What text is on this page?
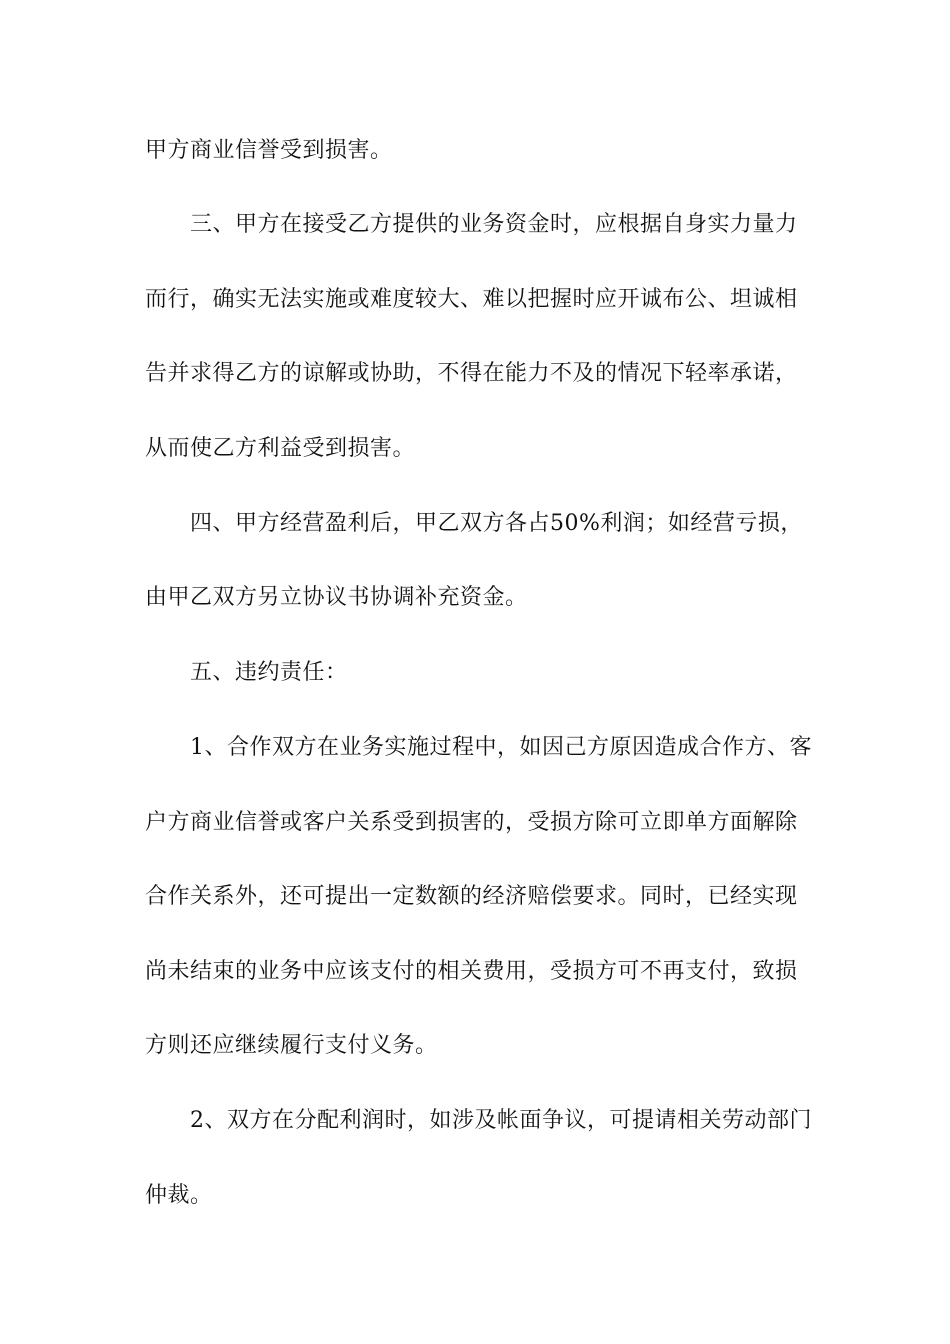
甲方商业信誉受到损害。
三、甲方在接受乙方提供的业务资金时，应根据自身实力量力
而行，确实无法实施或难度较大、难以把握时应开诚布公、坦诚相
告并求得乙方的谅解或协助，不得在能力不及的情况下轻率承诺，
从而使乙方利益受到损害。
四、甲方经营盈利后，甲乙双方各占50%利润；如经营亏损，
由甲乙双方另立协议书协调补充资金。
五、违约责任：
1、合作双方在业务实施过程中，如因己方原因造成合作方、客
户方商业信誉或客户关系受到损害的，受损方除可立即单方面解除
合作关系外，还可提出一定数额的经济赔偿要求。同时，已经实现
尚未结束的业务中应该支付的相关费用，受损方可不再支付，致损
方则还应继续履行支付义务。
2、双方在分配利润时，如涉及帐面争议，可提请相关劳动部门
仲裁。
